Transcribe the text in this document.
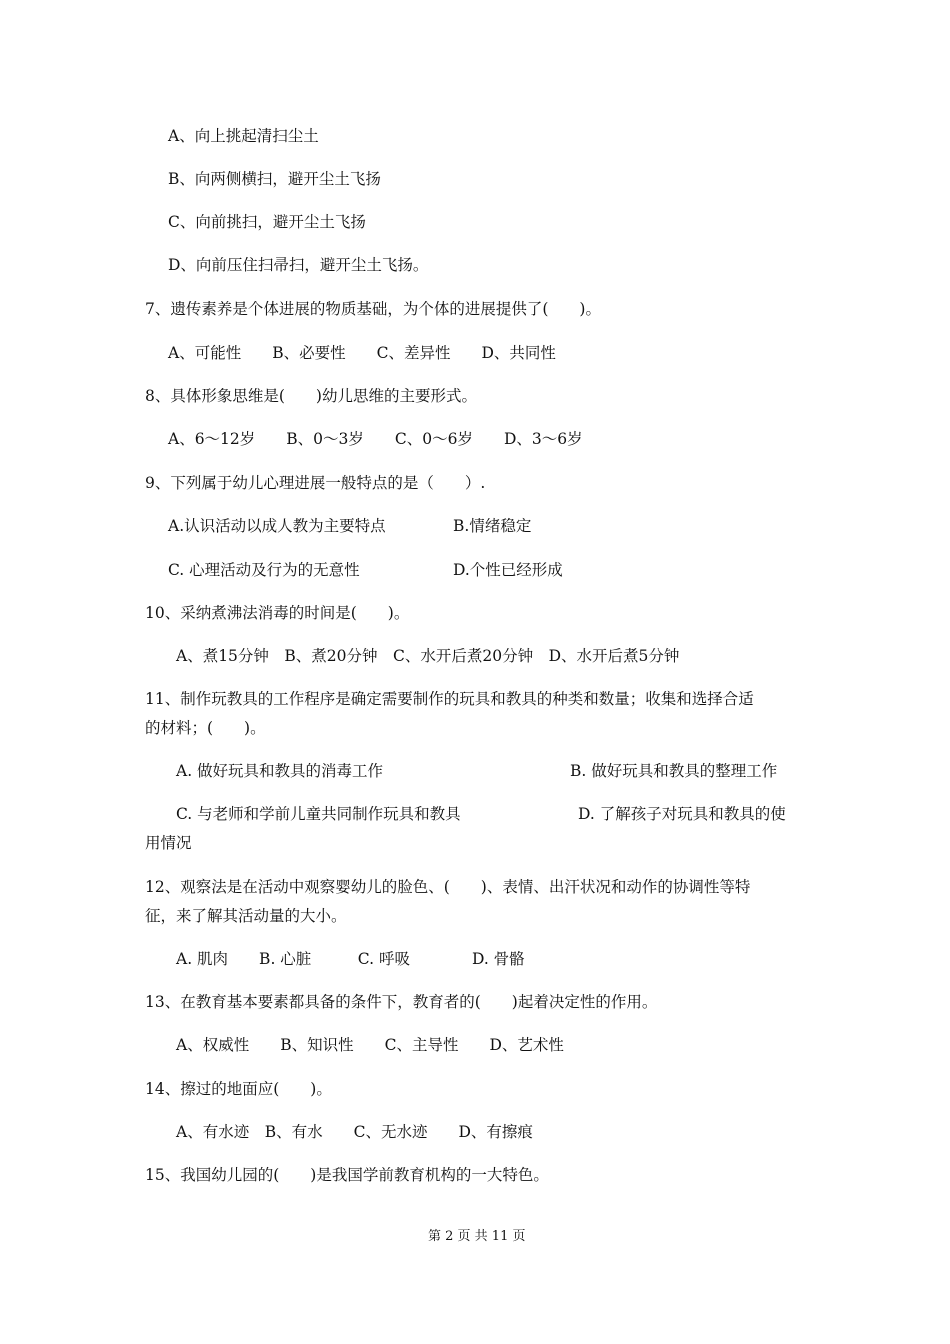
A、向上挑起清扫尘土
B、向两侧横扫，避开尘土飞扬
C、向前挑扫，避开尘土飞扬
D、向前压住扫帚扫，避开尘土飞扬。
7、遗传素养是个体进展的物质基础，为个体的进展提供了(　　)。
A、可能性　　B、必要性　　C、差异性　　D、共同性
8、具体形象思维是(　　)幼儿思维的主要形式。
A、6～12岁　　B、0～3岁　　C、0～6岁　　D、3～6岁
9、下列属于幼儿心理进展一般特点的是（　　）.
A.认识活动以成人教为主要特点	B.情绪稳定
C. 心理活动及行为的无意性	D.个性已经形成
10、采纳煮沸法消毒的时间是(　　)。
A、煮15分钟　B、煮20分钟　C、水开后煮20分钟　D、水开后煮5分钟
11、制作玩教具的工作程序是确定需要制作的玩具和教具的种类和数量；收集和选择合适
的材料；(　　)。
A. 做好玩具和教具的消毒工作	B. 做好玩具和教具的整理工作
C. 与老师和学前儿童共同制作玩具和教具	D. 了解孩子对玩具和教具的使
用情况
12、观察法是在活动中观察婴幼儿的脸色、(　　)、表情、出汗状况和动作的协调性等特
征，来了解其活动量的大小。
A. 肌肉　　B. 心脏　　　C. 呼吸　　　　D. 骨骼
13、在教育基本要素都具备的条件下，教育者的(　　)起着决定性的作用。
A、权威性　　B、知识性　　C、主导性　　D、艺术性
14、擦过的地面应(　　)。
A、有水迹　B、有水　　C、无水迹　　D、有擦痕
15、我国幼儿园的(　　)是我国学前教育机构的一大特色。
第 2 页 共 11 页
